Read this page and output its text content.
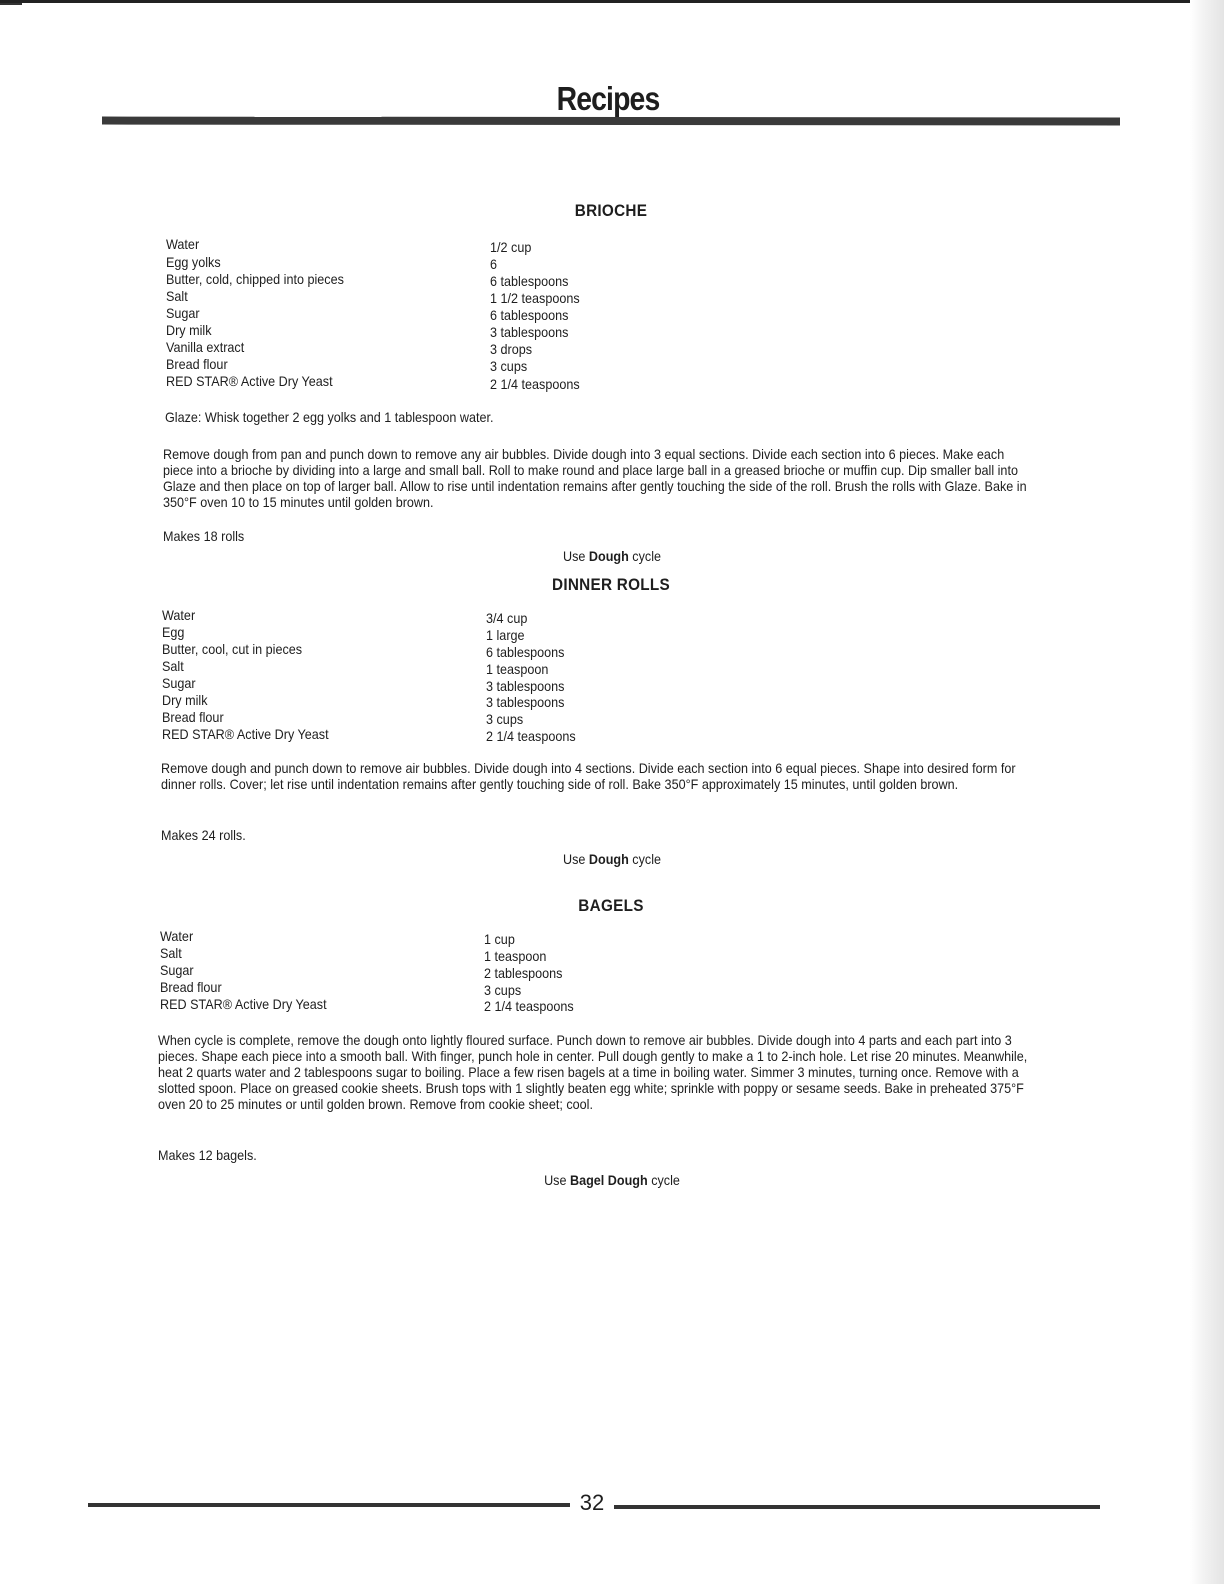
Recipes
BRIOCHE
Water	1/2 cup
Egg yolks	6
Butter, cold, chipped into pieces	6 tablespoons
Salt	1 1/2 teaspoons
Sugar	6 tablespoons
Dry milk	3 tablespoons
Vanilla extract	3 drops
Bread flour	3 cups
RED STAR® Active Dry Yeast	2 1/4 teaspoons

Glaze: Whisk together 2 egg yolks and 1 tablespoon water.

Remove dough from pan and punch down to remove any air bubbles. Divide dough into 3 equal sections. Divide each section into 6 pieces. Make each piece into a brioche by dividing into a large and small ball. Roll to make round and place large ball in a greased brioche or muffin cup. Dip smaller ball into Glaze and then place on top of larger ball. Allow to rise until indentation remains after gently touching the side of the roll. Brush the rolls with Glaze. Bake in 350°F oven 10 to 15 minutes until golden brown.

Makes 18 rolls

Use Dough cycle

DINNER ROLLS
Water	3/4 cup
Egg	1 large
Butter, cool, cut in pieces	6 tablespoons
Salt	1 teaspoon
Sugar	3 tablespoons
Dry milk	3 tablespoons
Bread flour	3 cups
RED STAR® Active Dry Yeast	2 1/4 teaspoons

Remove dough and punch down to remove air bubbles. Divide dough into 4 sections. Divide each section into 6 equal pieces. Shape into desired form for dinner rolls. Cover; let rise until indentation remains after gently touching side of roll. Bake 350°F approximately 15 minutes, until golden brown.

Makes 24 rolls.

Use Dough cycle

BAGELS
Water	1 cup
Salt	1 teaspoon
Sugar	2 tablespoons
Bread flour	3 cups
RED STAR® Active Dry Yeast	2 1/4 teaspoons

When cycle is complete, remove the dough onto lightly floured surface. Punch down to remove air bubbles. Divide dough into 4 parts and each part into 3 pieces. Shape each piece into a smooth ball. With finger, punch hole in center. Pull dough gently to make a 1 to 2-inch hole. Let rise 20 minutes. Meanwhile, heat 2 quarts water and 2 tablespoons sugar to boiling. Place a few risen bagels at a time in boiling water. Simmer 3 minutes, turning once. Remove with a slotted spoon. Place on greased cookie sheets. Brush tops with 1 slightly beaten egg white; sprinkle with poppy or sesame seeds. Bake in preheated 375°F oven 20 to 25 minutes or until golden brown. Remove from cookie sheet; cool.

Makes 12 bagels.

Use Bagel Dough cycle

32
